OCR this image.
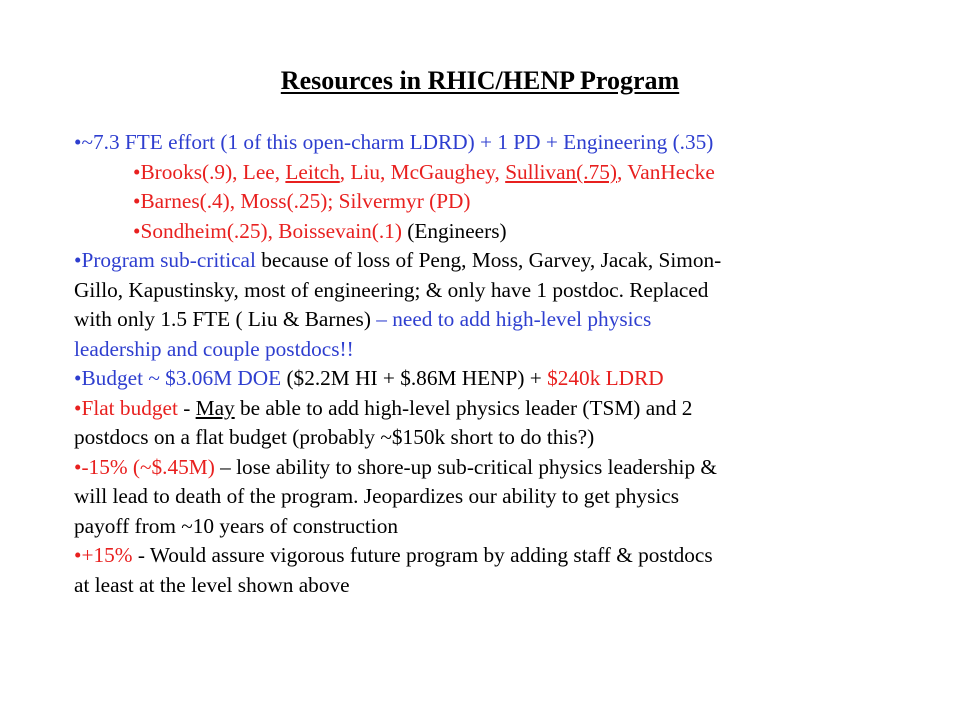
Resources in RHIC/HENP Program
•~7.3 FTE effort (1 of this open-charm LDRD) + 1 PD + Engineering (.35)
•Brooks(.9), Lee, Leitch, Liu, McGaughey, Sullivan(.75), VanHecke
•Barnes(.4), Moss(.25); Silvermyr (PD)
•Sondheim(.25), Boissevain(.1) (Engineers)
•Program sub-critical because of loss of Peng, Moss, Garvey, Jacak, Simon-
Gillo, Kapustinsky, most of engineering; & only have 1 postdoc. Replaced
with only 1.5 FTE ( Liu & Barnes) – need to add high-level physics
leadership and couple postdocs!!
•Budget ~ $3.06M DOE ($2.2M HI + $.86M HENP) + $240k LDRD
•Flat budget - May be able to add high-level physics leader (TSM) and 2
postdocs on a flat budget (probably ~$150k short to do this?)
•-15% (~$.45M) – lose ability to shore-up sub-critical physics leadership &
will lead to death of the program. Jeopardizes our ability to get physics
payoff from ~10 years of construction
•+15% - Would assure vigorous future program by adding staff & postdocs
at least at the level shown above
